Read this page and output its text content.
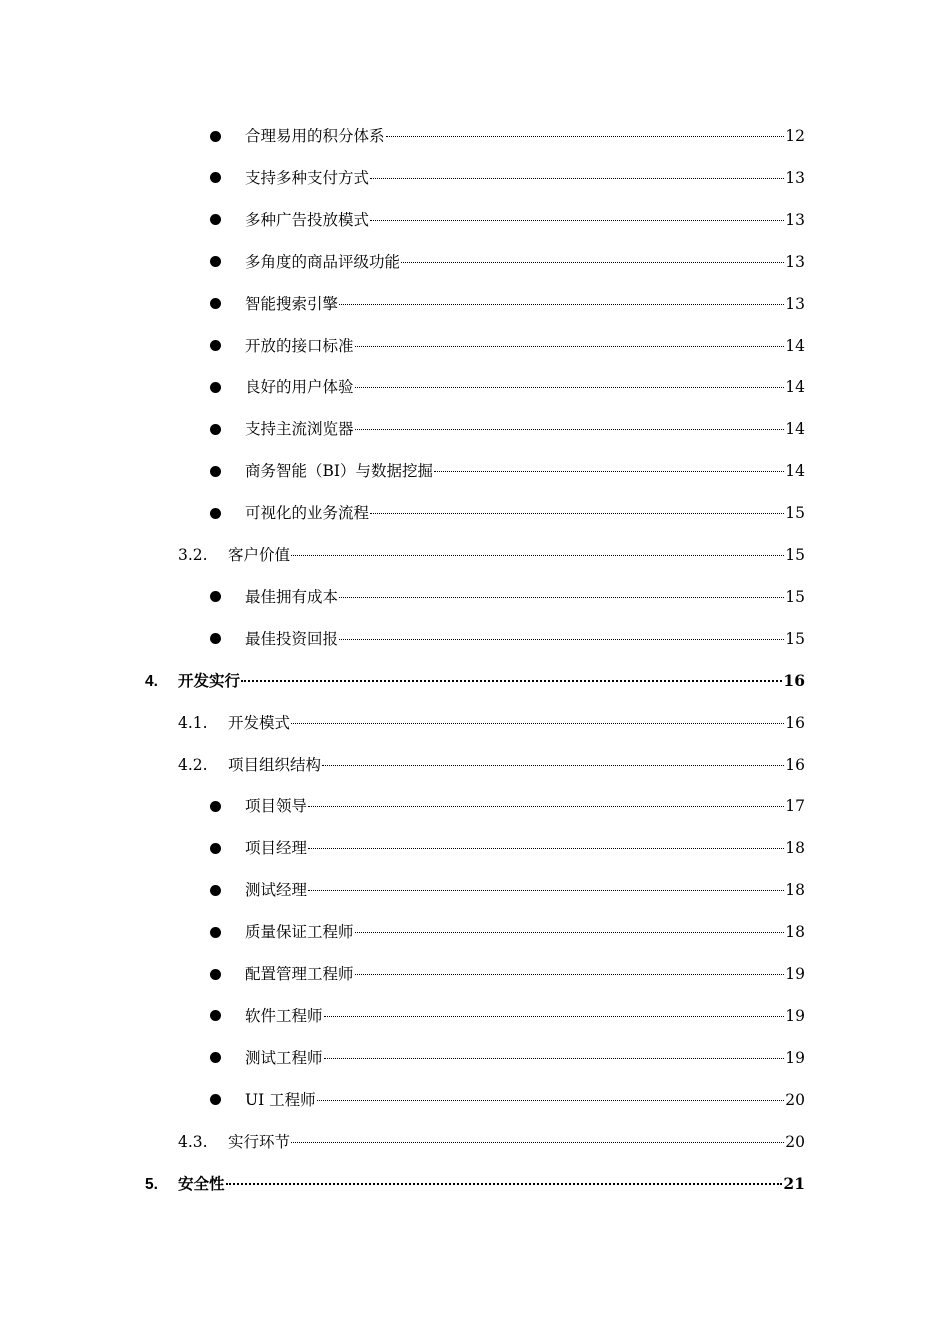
合理易用的积分体系	12
支持多种支付方式	13
多种广告投放模式	13
多角度的商品评级功能	13
智能搜索引擎	13
开放的接口标准	14
良好的用户体验	14
支持主流浏览器	14
商务智能（BI）与数据挖掘	14
可视化的业务流程	15
3.2.	客户价值	15
最佳拥有成本	15
最佳投资回报	15
4.	开发实行	16
4.1.	开发模式	16
4.2.	项目组织结构	16
项目领导	17
项目经理	18
测试经理	18
质量保证工程师	18
配置管理工程师	19
软件工程师	19
测试工程师	19
UI 工程师	20
4.3.	实行环节	20
5.	安全性	21
